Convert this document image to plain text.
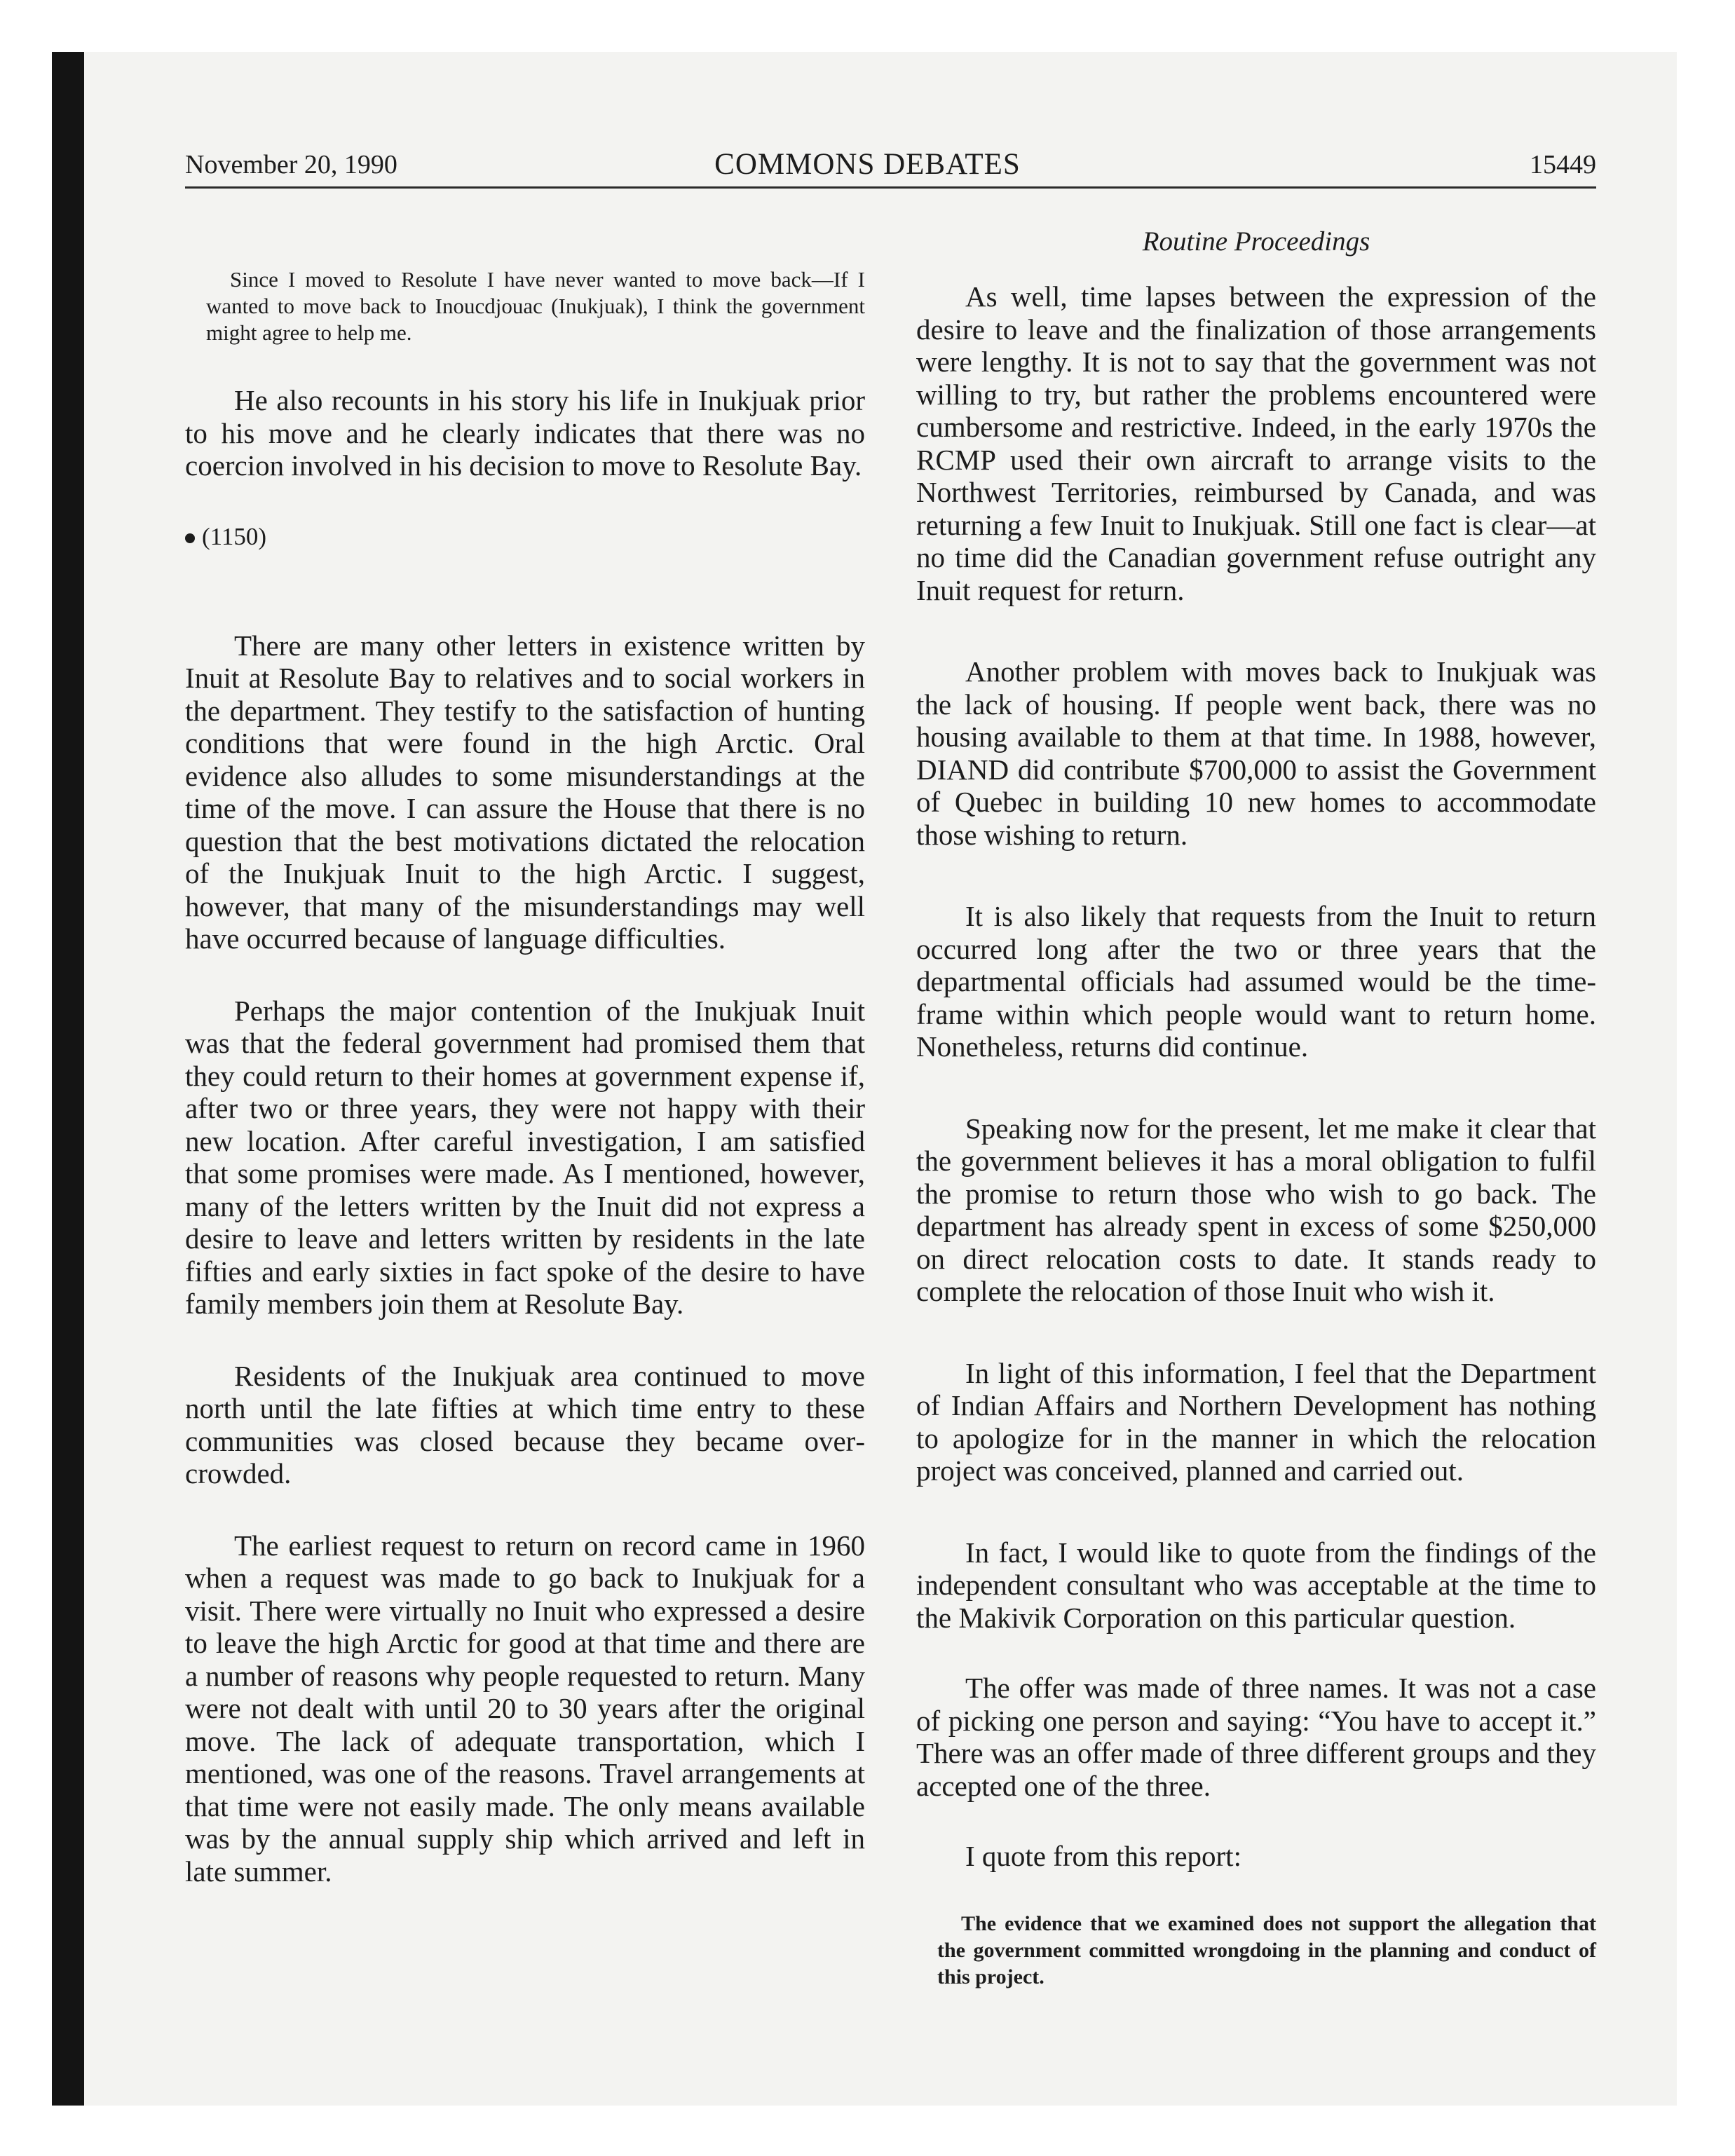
November 20, 1990	COMMONS DEBATES	15449

Since I moved to Resolute I have never wanted to move back—If I wanted to move back to Inoucdjouac (Inukjuak), I think the government might agree to help me.

He also recounts in his story his life in Inukjuak prior to his move and he clearly indicates that there was no coercion involved in his decision to move to Resolute Bay.

(1150)

There are many other letters in existence written by Inuit at Resolute Bay to relatives and to social workers in the department. They testify to the satisfaction of hunting conditions that were found in the high Arctic. Oral evidence also alludes to some misunderstandings at the time of the move. I can assure the House that there is no question that the best motivations dictated the relocation of the Inukjuak Inuit to the high Arctic. I suggest, however, that many of the misunderstandings may well have occurred because of language difficulties.

Perhaps the major contention of the Inukjuak Inuit was that the federal government had promised them that they could return to their homes at government expense if, after two or three years, they were not happy with their new location. After careful investigation, I am satisfied that some promises were made. As I mentioned, however, many of the letters written by the Inuit did not express a desire to leave and letters written by residents in the late fifties and early sixties in fact spoke of the desire to have family members join them at Resolute Bay.

Residents of the Inukjuak area continued to move north until the late fifties at which time entry to these communities was closed because they became overcrowded.

The earliest request to return on record came in 1960 when a request was made to go back to Inukjuak for a visit. There were virtually no Inuit who expressed a desire to leave the high Arctic for good at that time and there are a number of reasons why people requested to return. Many were not dealt with until 20 to 30 years after the original move. The lack of adequate transportation, which I mentioned, was one of the reasons. Travel arrangements at that time were not easily made. The only means available was by the annual supply ship which arrived and left in late summer.

Routine Proceedings

As well, time lapses between the expression of the desire to leave and the finalization of those arrangements were lengthy. It is not to say that the government was not willing to try, but rather the problems encountered were cumbersome and restrictive. Indeed, in the early 1970s the RCMP used their own aircraft to arrange visits to the Northwest Territories, reimbursed by Canada, and was returning a few Inuit to Inukjuak. Still one fact is clear—at no time did the Canadian government refuse outright any Inuit request for return.

Another problem with moves back to Inukjuak was the lack of housing. If people went back, there was no housing available to them at that time. In 1988, however, DIAND did contribute $700,000 to assist the Government of Quebec in building 10 new homes to accommodate those wishing to return.

It is also likely that requests from the Inuit to return occurred long after the two or three years that the departmental officials had assumed would be the timeframe within which people would want to return home. Nonetheless, returns did continue.

Speaking now for the present, let me make it clear that the government believes it has a moral obligation to fulfil the promise to return those who wish to go back. The department has already spent in excess of some $250,000 on direct relocation costs to date. It stands ready to complete the relocation of those Inuit who wish it.

In light of this information, I feel that the Department of Indian Affairs and Northern Development has nothing to apologize for in the manner in which the relocation project was conceived, planned and carried out.

In fact, I would like to quote from the findings of the independent consultant who was acceptable at the time to the Makivik Corporation on this particular question.

The offer was made of three names. It was not a case of picking one person and saying: “You have to accept it.” There was an offer made of three different groups and they accepted one of the three.

I quote from this report:

The evidence that we examined does not support the allegation that the government committed wrongdoing in the planning and conduct of this project.
